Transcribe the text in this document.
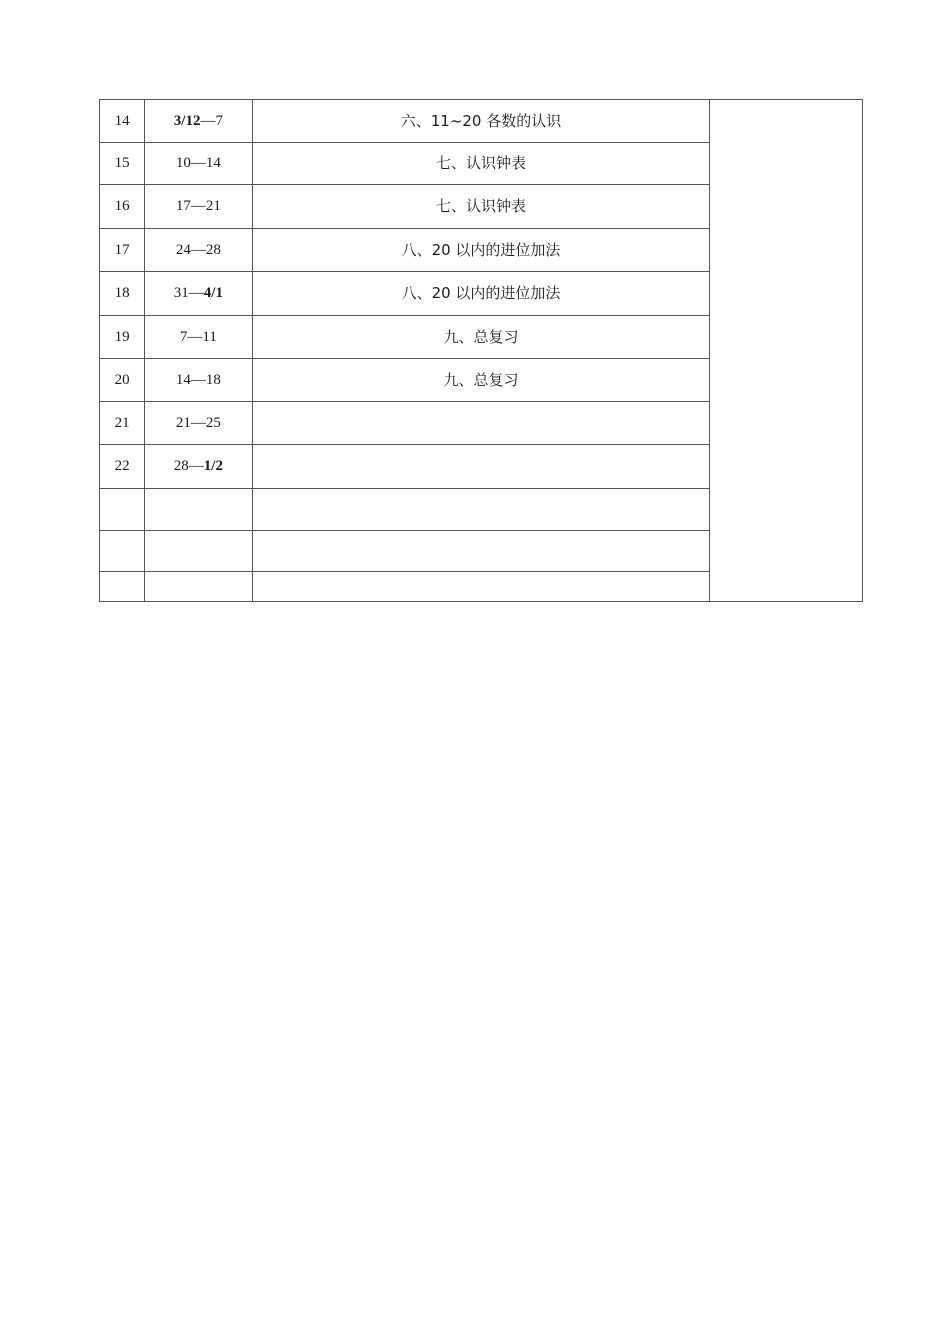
14	3/12—7	六、11~20 各数的认识	
15	10—14	七、认识钟表	
16	17—21	七、认识钟表	
17	24—28	八、20 以内的进位加法	
18	31—4/1	八、20 以内的进位加法	
19	7—11	九、总复习	
20	14—18	九、总复习	
21	21—25		
22	28—1/2		
